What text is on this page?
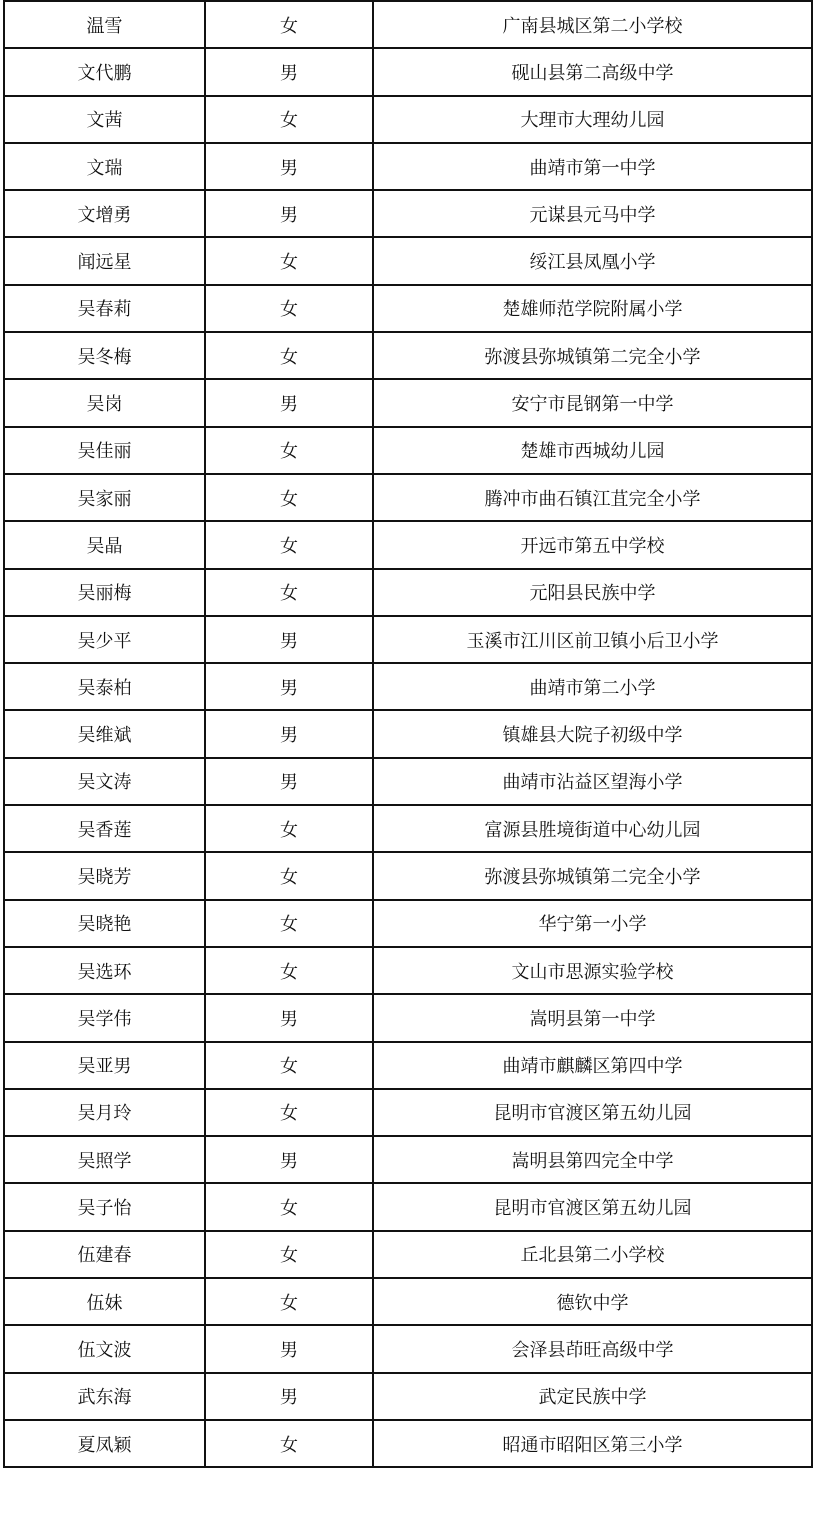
温雪	女	广南县城区第二小学校
文代鹏	男	砚山县第二高级中学
文茜	女	大理市大理幼儿园
文瑞	男	曲靖市第一中学
文增勇	男	元谋县元马中学
闻远星	女	绥江县凤凰小学
吴春莉	女	楚雄师范学院附属小学
吴冬梅	女	弥渡县弥城镇第二完全小学
吴岗	男	安宁市昆钢第一中学
吴佳丽	女	楚雄市西城幼儿园
吴家丽	女	腾冲市曲石镇江苴完全小学
吴晶	女	开远市第五中学校
吴丽梅	女	元阳县民族中学
吴少平	男	玉溪市江川区前卫镇小后卫小学
吴泰柏	男	曲靖市第二小学
吴维斌	男	镇雄县大院子初级中学
吴文涛	男	曲靖市沾益区望海小学
吴香莲	女	富源县胜境街道中心幼儿园
吴晓芳	女	弥渡县弥城镇第二完全小学
吴晓艳	女	华宁第一小学
吴选环	女	文山市思源实验学校
吴学伟	男	嵩明县第一中学
吴亚男	女	曲靖市麒麟区第四中学
吴月玲	女	昆明市官渡区第五幼儿园
吴照学	男	嵩明县第四完全中学
吴子怡	女	昆明市官渡区第五幼儿园
伍建春	女	丘北县第二小学校
伍妹	女	德钦中学
伍文波	男	会泽县茚旺高级中学
武东海	男	武定民族中学
夏凤颖	女	昭通市昭阳区第三小学
